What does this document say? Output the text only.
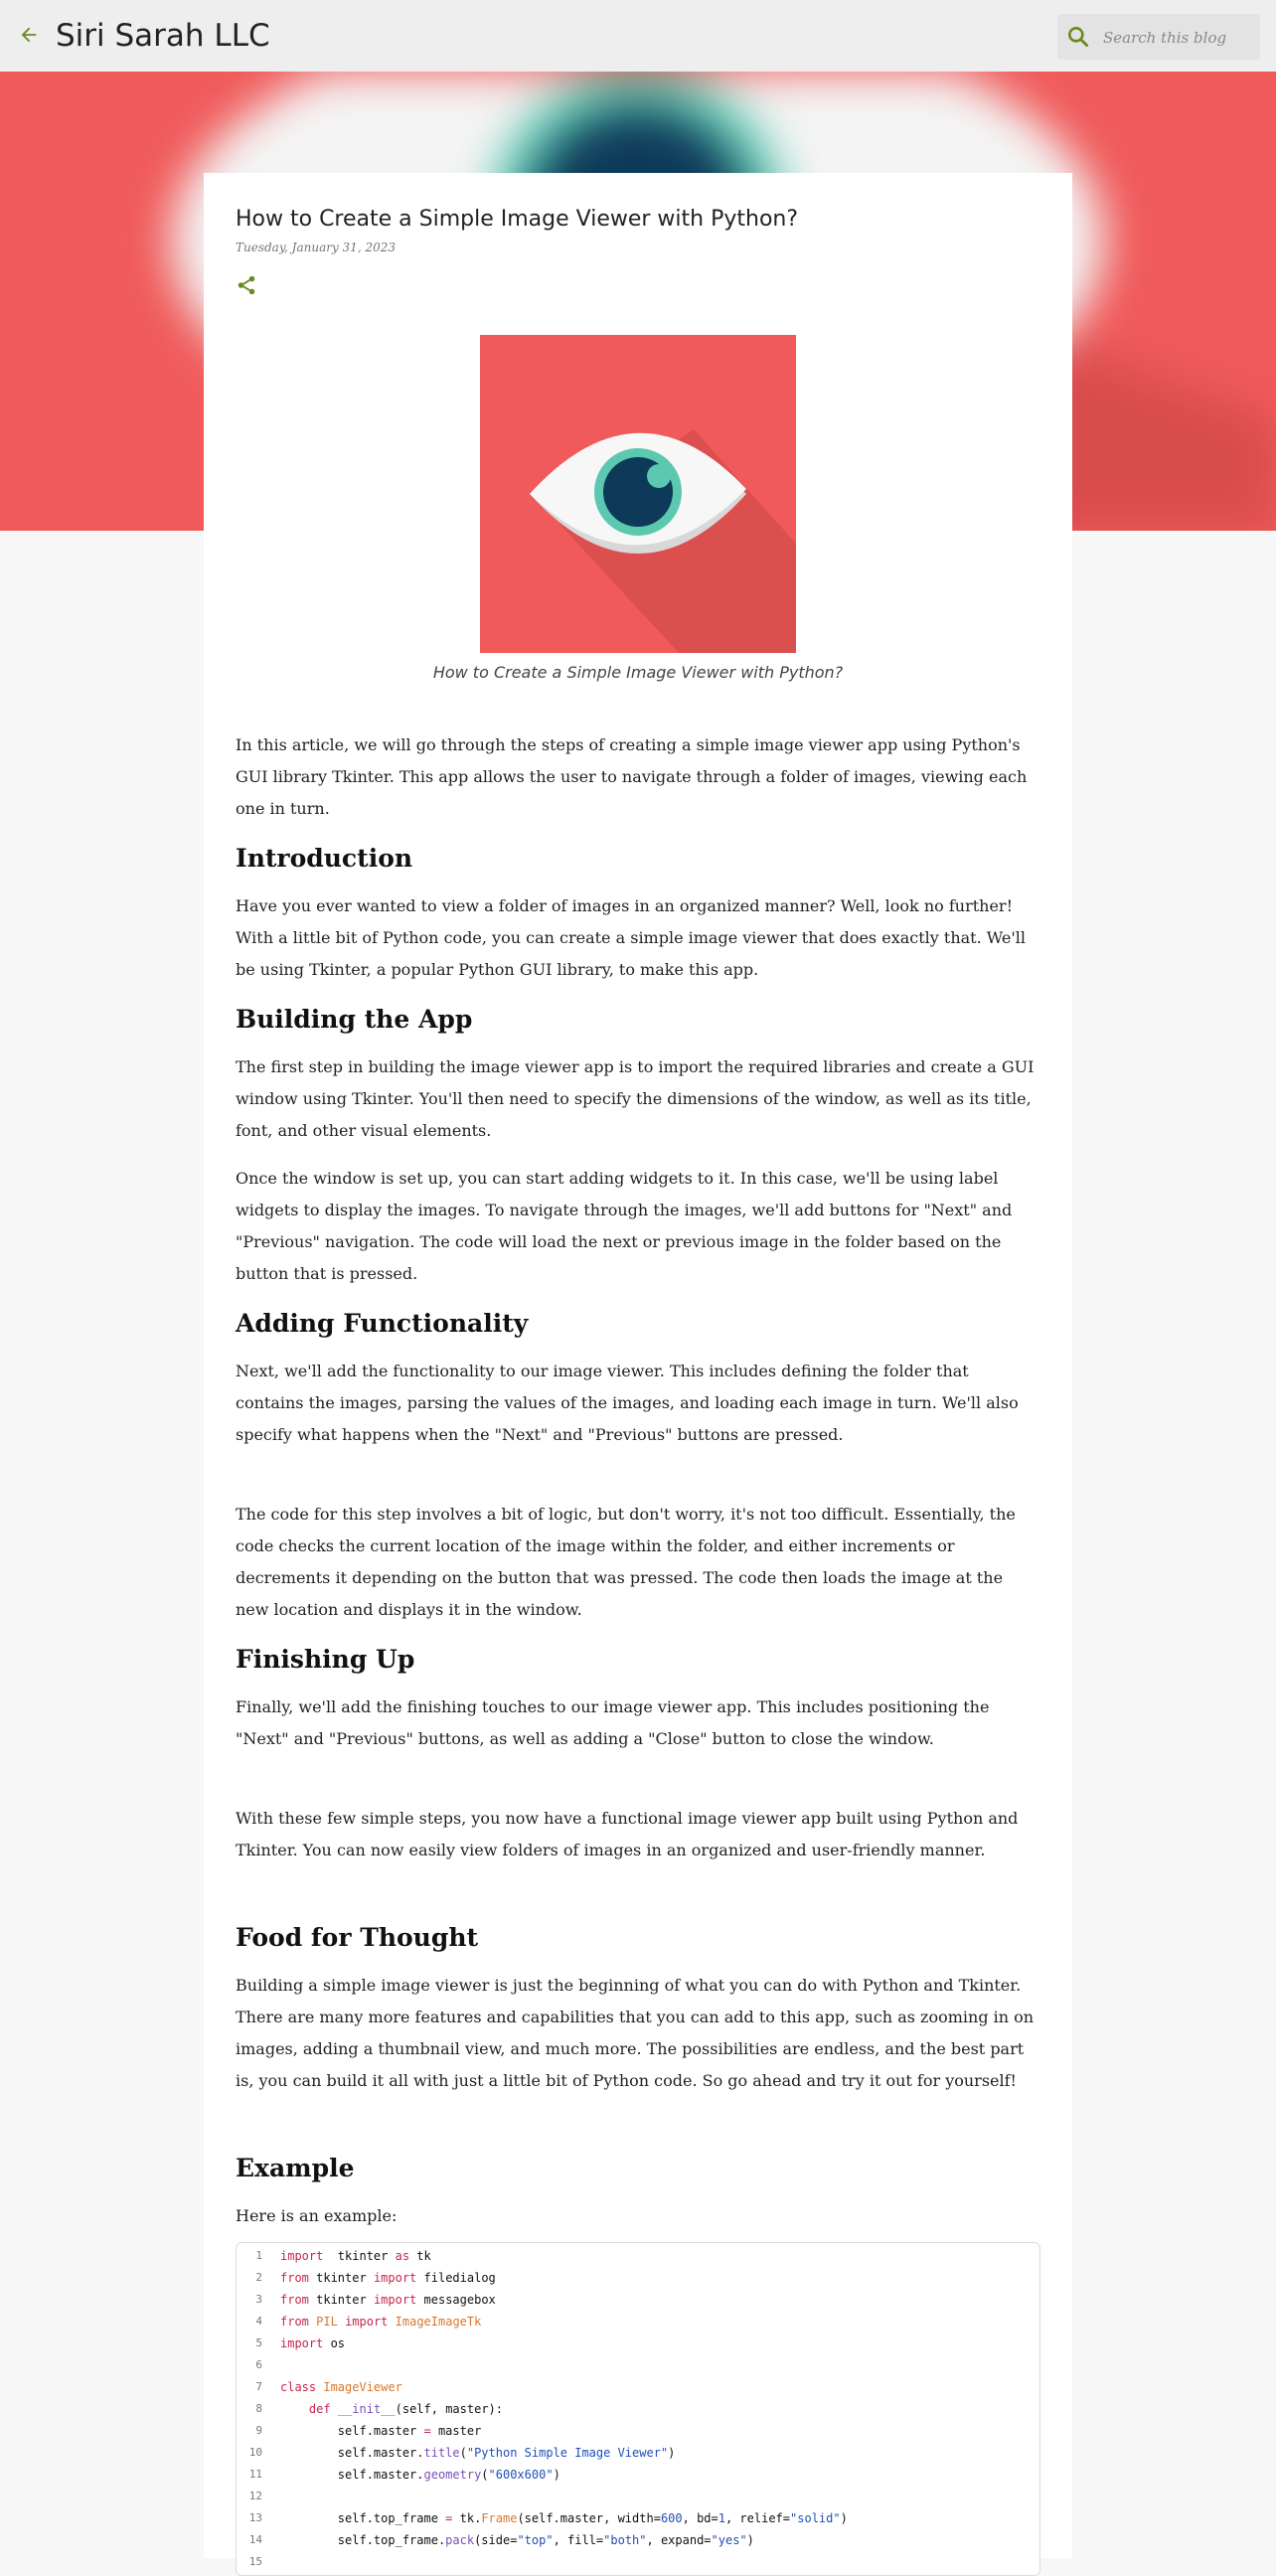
Siri Sarah LLC
Search this blog
How to Create a Simple Image Viewer with Python?
Tuesday, January 31, 2023
How to Create a Simple Image Viewer with Python?

In this article, we will go through the steps of creating a simple image viewer app using Python's GUI library Tkinter. This app allows the user to navigate through a folder of images, viewing each one in turn.

Introduction

Have you ever wanted to view a folder of images in an organized manner? Well, look no further! With a little bit of Python code, you can create a simple image viewer that does exactly that. We'll be using Tkinter, a popular Python GUI library, to make this app.

Building the App

The first step in building the image viewer app is to import the required libraries and create a GUI window using Tkinter. You'll then need to specify the dimensions of the window, as well as its title, font, and other visual elements.

Once the window is set up, you can start adding widgets to it. In this case, we'll be using label widgets to display the images. To navigate through the images, we'll add buttons for "Next" and "Previous" navigation. The code will load the next or previous image in the folder based on the button that is pressed.

Adding Functionality

Next, we'll add the functionality to our image viewer. This includes defining the folder that contains the images, parsing the values of the images, and loading each image in turn. We'll also specify what happens when the "Next" and "Previous" buttons are pressed.

The code for this step involves a bit of logic, but don't worry, it's not too difficult. Essentially, the code checks the current location of the image within the folder, and either increments or decrements it depending on the button that was pressed. The code then loads the image at the new location and displays it in the window.

Finishing Up

Finally, we'll add the finishing touches to our image viewer app. This includes positioning the "Next" and "Previous" buttons, as well as adding a "Close" button to close the window.

With these few simple steps, you now have a functional image viewer app built using Python and Tkinter. You can now easily view folders of images in an organized and user-friendly manner.

Food for Thought

Building a simple image viewer is just the beginning of what you can do with Python and Tkinter. There are many more features and capabilities that you can add to this app, such as zooming in on images, adding a thumbnail view, and much more. The possibilities are endless, and the best part is, you can build it all with just a little bit of Python code. So go ahead and try it out for yourself!

Example

Here is an example:

1	import  tkinter as tk
2	from tkinter import filedialog
3	from tkinter import messagebox
4	from PIL import ImageImageTk
5	import os
6
7	class ImageViewer
8	def __init__(self, master):
9	self.master = master
10	self.master.title("Python Simple Image Viewer")
11	self.master.geometry("600x600")
12
13	self.top_frame = tk.Frame(self.master, width=600, bd=1, relief="solid")
14	self.top_frame.pack(side="top", fill="both", expand="yes")
15
